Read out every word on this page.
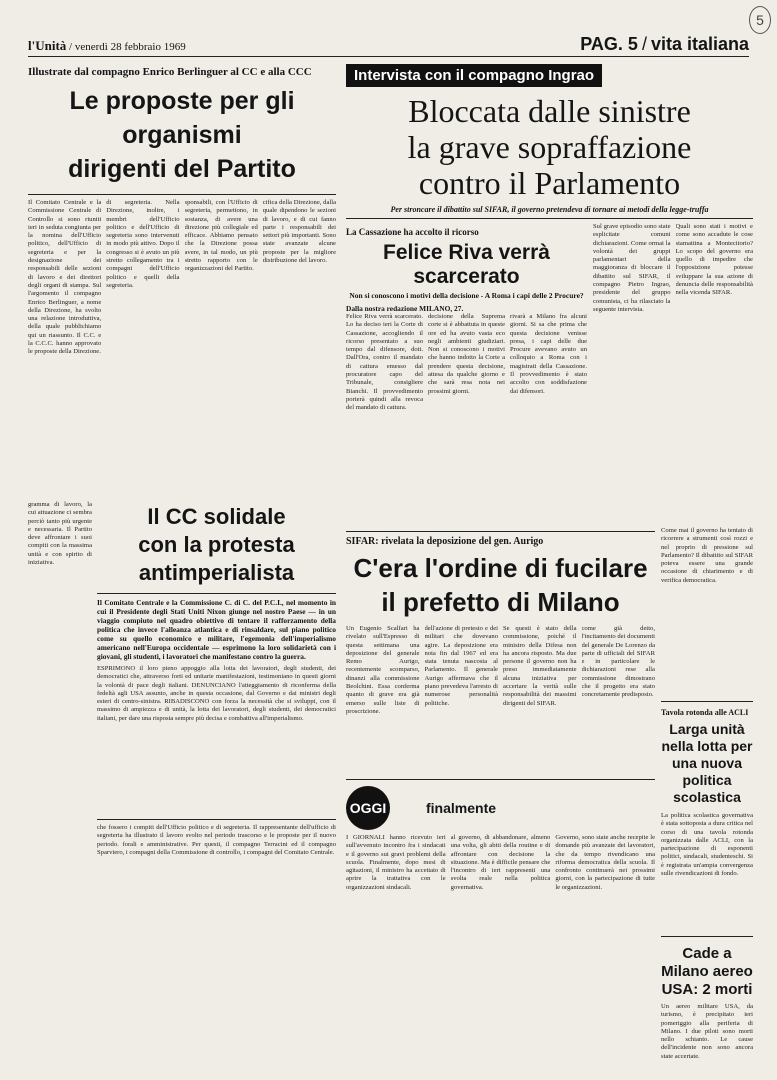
l'Unità / venerdì 28 febbraio 1969	PAG. 5 / vita italiana
5
Illustrate dal compagno Enrico Berlinguer al CC e alla CCC
Le proposte per gli organismi
dirigenti del Partito
Il Comitato Centrale e la Commissione Centrale di Controllo si sono riuniti ieri in seduta congiunta per la nomina dell'Ufficio politico, dell'Ufficio di segreteria e per la designazione dei responsabili delle sezioni di lavoro e dei direttori degli organi di stampa. Sul l'argomento il compagno Enrico Berlinguer, a nome della Direzione, ha svolto una relazione introduttiva, della quale pubblichiamo qui un riassunto. Il C.C. e la C.C.C. hanno approvato le proposte della Direzione.
di segreteria. Nella Direzione, inoltre, i membri dell'Ufficio politico e dell'Ufficio di segreteria sono intervenuti in modo più attivo. Dopo il congresso si è avuto un più stretto collegamento tra i compagni dell'Ufficio politico e quelli della segreteria.
sponsabili, con l'Ufficio di segreteria, permettono, in sostanza, di avere una direzione più collegiale ed efficace. Abbiamo pensato che la Direzione possa avere, in tal modo, un più stretto rapporto con le organizzazioni del Partito.
cifica della Direzione, dalla quale dipendono le sezioni di lavoro, e di cui fanno parte i responsabili dei settori più importanti. Sono state avanzate alcune proposte per la migliore distribuzione del lavoro.
gramma di lavoro, la cui attuazione ci sembra perciò tanto più urgente e necessaria. Il Partito deve affrontare i suoi compiti con la massima unità e con spirito di iniziativa.
Il CC solidale
con la protesta
antimperialista
Il Comitato Centrale e la Commissione C. di C. del P.C.I., nel momento in cui il Presidente degli Stati Uniti Nixon giunge nel nostro Paese — in un viaggio compiuto nel quadro obiettivo di tentare il rafforzamento della politica che invece l'alleanza atlantica e di rinsaldare, sul piano politico come su quello economico e militare, l'egemonia dell'imperialismo americano nell'Europa occidentale — esprimono la loro solidarietà con i giovani, gli studenti, i lavoratori che manifestano contro la guerra.
ESPRIMONO il loro pieno appoggio alla lotta dei lavoratori, degli studenti, dei democratici che, attraverso forti ed unitarie manifestazioni, testimoniano in questi giorni la volontà di pace degli italiani. DENUNCIANO l'atteggiamento di riconferma della fedeltà agli USA assunto, anche in questa occasione, dal Governo e dai ministri degli esteri di centro-sinistra. RIBADISCONO con forza la necessità che si sviluppi, con il massimo di ampiezza e di unità, la lotta dei lavoratori, degli studenti, dei democratici italiani, per dare una risposta sempre più decisa e combattiva all'imperialismo.
che fossero i compiti dell'Ufficio politico e di segreteria. Il rappresentante dell'ufficio di segreteria ha illustrato il lavoro svolto nel periodo trascorso e le proposte per il nuovo periodo. forali e amministrative. Per questi, il compagno Terracini ed il compagno Sparviero, i compagni della Commissione di controllo, i compagni del Comitato Centrale.
Intervista con il compagno Ingrao
Bloccata dalle sinistre
la grave sopraffazione
contro il Parlamento
Per stroncare il dibattito sul SIFAR, il governo pretendeva di tornare ai metodi della legge-truffa
La Cassazione ha accolto il ricorso
Felice Riva verrà scarcerato
Non si conoscono i motivi della decisione - A Roma i capi delle 2 Procure?
Dalla nostra redazione MILANO, 27.
Felice Riva verrà scarcerato. Lo ha deciso ieri la Corte di Cassazione, accogliendo il ricorso presentato a suo tempo dal difensore, dott. Dall'Ora, contro il mandato di cattura emesso dal procuratore capo del Tribunale, consigliere Bianchi. Il provvedimento porterà quindi alla revoca del mandato di cattura.
decisione della Suprema corte si è abbattuta in queste ore ed ha avuto vasta eco negli ambienti giudiziari. Non si conoscono i motivi che hanno indotto la Corte a prendere questa decisione, attesa da qualche giorno e che sarà resa nota nei prossimi giorni.
rivarà a Milano fra alcuni giorni. Si sa che prima che questa decisione venisse presa, i capi delle due Procure avevano avuto un colloquio a Roma con i magistrati della Cassazione. Il provvedimento è stato accolto con soddisfazione dai difensori.
Sul grave episodio sono state esplicitate comuni dichiarazioni. Come ormai la volontà dei gruppi parlamentari della maggioranza di bloccare il dibattito sul SIFAR, il compagno Pietro Ingrao, presidente del gruppo comunista, ci ha rilasciato la seguente intervista.
Quali sono stati i motivi e come sono accadute le cose stamattina a Montecitorio? Lo scopo del governo era quello di impedire che l'opposizione potesse sviluppare la sua azione di denuncia delle responsabilità nella vicenda SIFAR.
SIFAR: rivelata la deposizione del gen. Aurigo
C'era l'ordine di fucilare
il prefetto di Milano
Un Eugenio Scalfari ha rivelato sull'Espresso di questa settimana una deposizione del generale Remo Aurigo, recentemente scomparso, dinanzi alla commissione Beolchini. Essa conferma quanto di grave era già emerso sulle liste di proscrizione.
dell'azione di pretesto e dei militari che dovevano agire. La deposizione era nota fin dal 1967 ed era stata tenuta nascosta al Parlamento. Il generale Aurigo affermava che il piano prevedeva l'arresto di numerose personalità politiche.
Se questi è stato della commissione, poiché il ministro della Difesa non ha ancora risposto. Ma due persone il governo non ha preso immediatamente alcuna iniziativa per accertare la verità sulle responsabilità dei massimi dirigenti del SIFAR.
come già detto, l'incitamento dei documenti del generale De Lorenzo da parte di ufficiali del SIFAR e in particolare le dichiarazioni rese alla commissione dimostrano che il progetto era stato concretamente predisposto.
OGGI	finalmente
I GIORNALI hanno ricevuto ieri sull'avvenuto incontro fra i sindacati e il governo sui gravi problemi della scuola. Finalmente, dopo mesi di agitazioni, il ministro ha accettato di aprire la trattativa con le organizzazioni sindacali.
al governo, di abbandonare, almeno una volta, gli abiti della routine e di affrontare con decisione la situazione. Ma è difficile pensare che l'incontro di ieri rappresenti una svolta reale nella politica governativa.
Governo, sono state anche recepite le domande più avanzate dei lavoratori, che da tempo rivendicano una riforma democratica della scuola. Il confronto continuerà nei prossimi giorni, con la partecipazione di tutte le organizzazioni.
Come mai il governo ha tentato di ricorrere a strumenti così rozzi e nel proprio di pressione sul Parlamento? Il dibattito sul SIFAR poteva essere una grande occasione di chiarimento e di verifica democratica.
Tavola rotonda alle ACLI
Larga unità nella lotta per una nuova politica scolastica
La politica scolastica governativa è stata sottoposta a dura critica nel corso di una tavola rotonda organizzata dalle ACLI, con la partecipazione di esponenti politici, sindacali, studenteschi. Si è registrata un'ampia convergenza sulle rivendicazioni di fondo.
Cade a Milano aereo USA: 2 morti
Un aereo militare USA, da turismo, è precipitato ieri pomeriggio alla periferia di Milano. I due piloti sono morti nello schianto. Le cause dell'incidente non sono ancora state accertate.
